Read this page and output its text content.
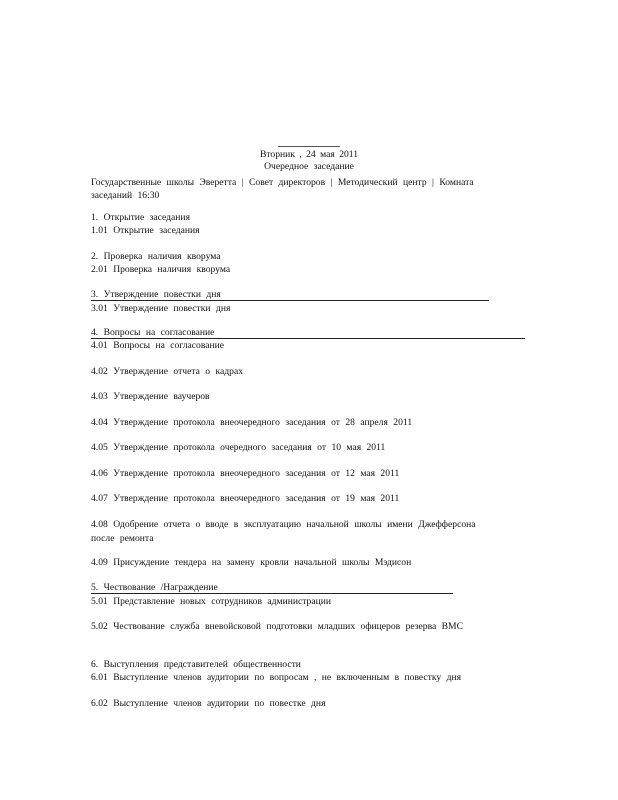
Вторник , 24 мая 2011
Очередное заседание
Государственные школы Эверетта | Совет директоров | Методический центр | Комната заседаний 16:30
1. Открытие заседания
1.01 Открытие заседания
2. Проверка наличия кворума
2.01 Проверка наличия кворума
3. Утверждение повестки дня
3.01 Утверждение повестки дня
4. Вопросы на согласование
4.01 Вопросы на согласование
4.02 Утверждение отчета о кадрах
4.03 Утверждение ваучеров
4.04 Утверждение протокола внеочередного заседания от 28 апреля 2011
4.05 Утверждение протокола очередного заседания от 10 мая 2011
4.06 Утверждение протокола внеочередного заседания от 12 мая 2011
4.07 Утверждение протокола внеочередного заседания от 19 мая 2011
4.08 Одобрение отчета о вводе в эксплуатацию начальной школы имени Джефферсона после ремонта
4.09 Присуждение тендера на замену кровли начальной школы Мэдисон
5. Чествование /Награждение
5.01 Представление новых сотрудников администрации
5.02 Чествование служба вневойсковой подготовки младших офицеров резерва ВМС
6. Выступления представителей общественности
6.01 Выступление членов аудитории по вопросам , не включенным в повестку дня
6.02 Выступление членов аудитории по повестке дня
